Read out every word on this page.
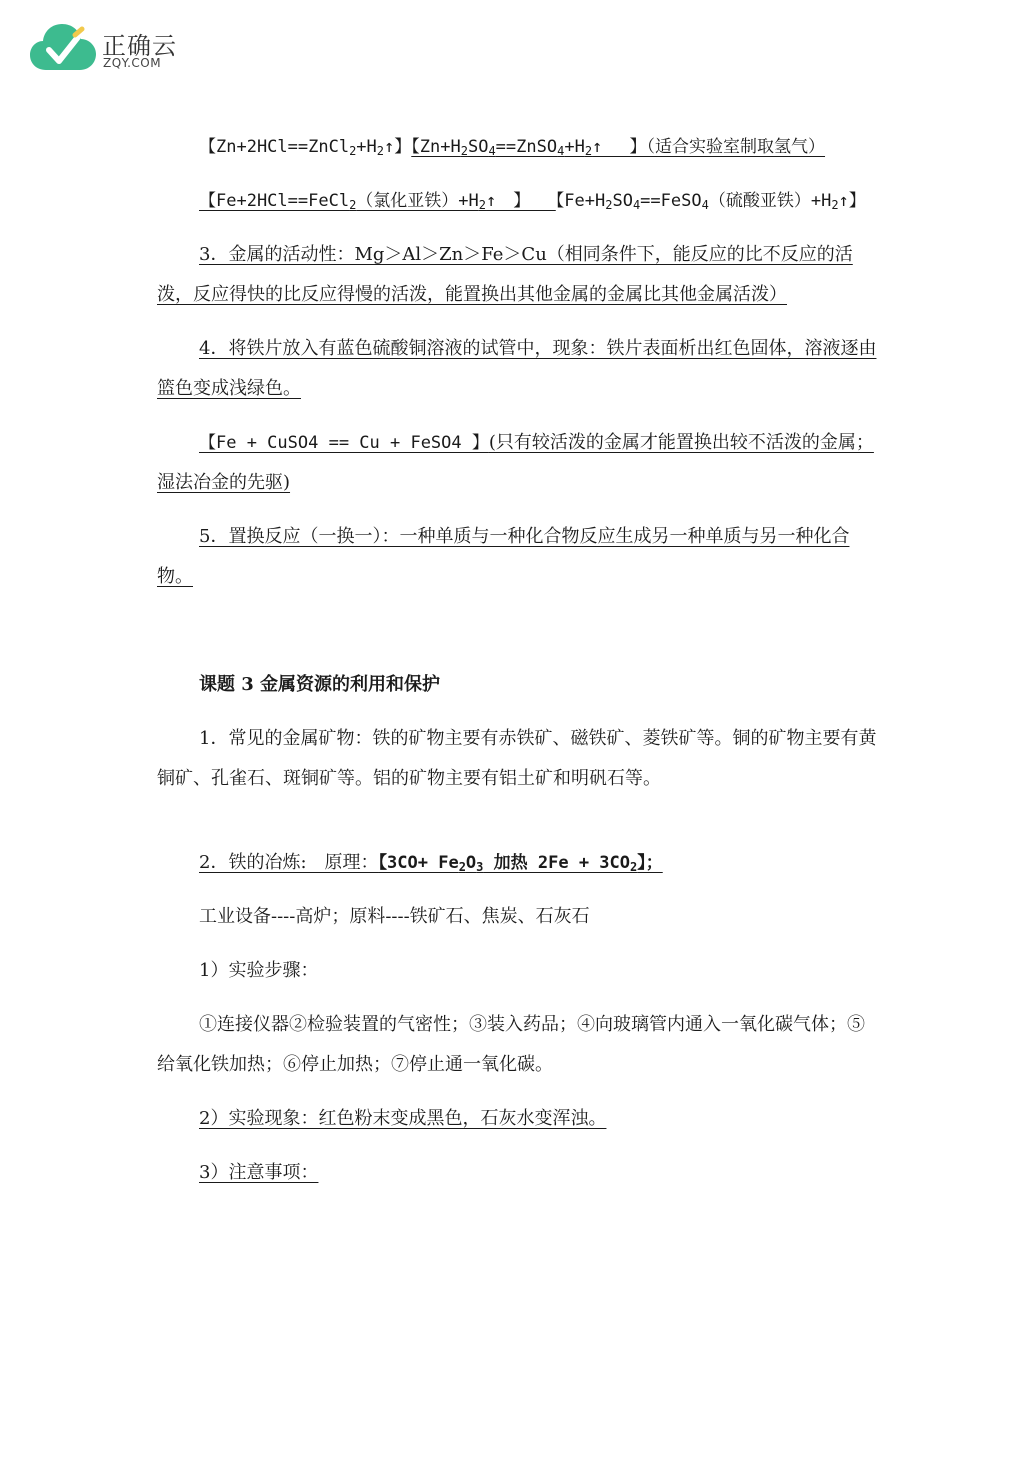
正确云
ZQY.COM

【$Zn+2HCl==ZnCl_2+H_2↑$】【$Zn+H_2SO_4==ZnSO_4+H_2↑$　 】（适合实验室制取氢气）

【Fe+2HCl==FeCl$_2$（氯化亚铁）$+H_2↑$　】　　【$Fe+H_2SO_4==FeSO_4$（硫酸亚铁）$+H_2↑$】

3．金属的活动性：Mg＞Al＞Zn＞Fe＞Cu（相同条件下，能反应的比不反应的活泼，反应得快的比反应得慢的活泼，能置换出其他金属的金属比其他金属活泼）

4．将铁片放入有蓝色硫酸铜溶液的试管中，现象：铁片表面析出红色固体，溶液逐由篮色变成浅绿色。

【Fe + CuSO4 == Cu + FeSO4 】(只有较活泼的金属才能置换出较不活泼的金属；湿法冶金的先驱)

5．置换反应（一换一）：一种单质与一种化合物反应生成另一种单质与另一种化合物。

课题 3 金属资源的利用和保护

1．常见的金属矿物：铁的矿物主要有赤铁矿、磁铁矿、菱铁矿等。铜的矿物主要有黄铜矿、孔雀石、斑铜矿等。铝的矿物主要有铝土矿和明矾石等。

2．铁的冶炼:　原理：【$3CO+ Fe_2O_3$ 加热 $2Fe + 3CO_2$】；

工业设备----高炉；原料----铁矿石、焦炭、石灰石

1）实验步骤：

①连接仪器②检验装置的气密性；③装入药品；④向玻璃管内通入一氧化碳气体；⑤给氧化铁加热；⑥停止加热；⑦停止通一氧化碳。

2）实验现象：红色粉末变成黑色，石灰水变浑浊。

3）注意事项：
